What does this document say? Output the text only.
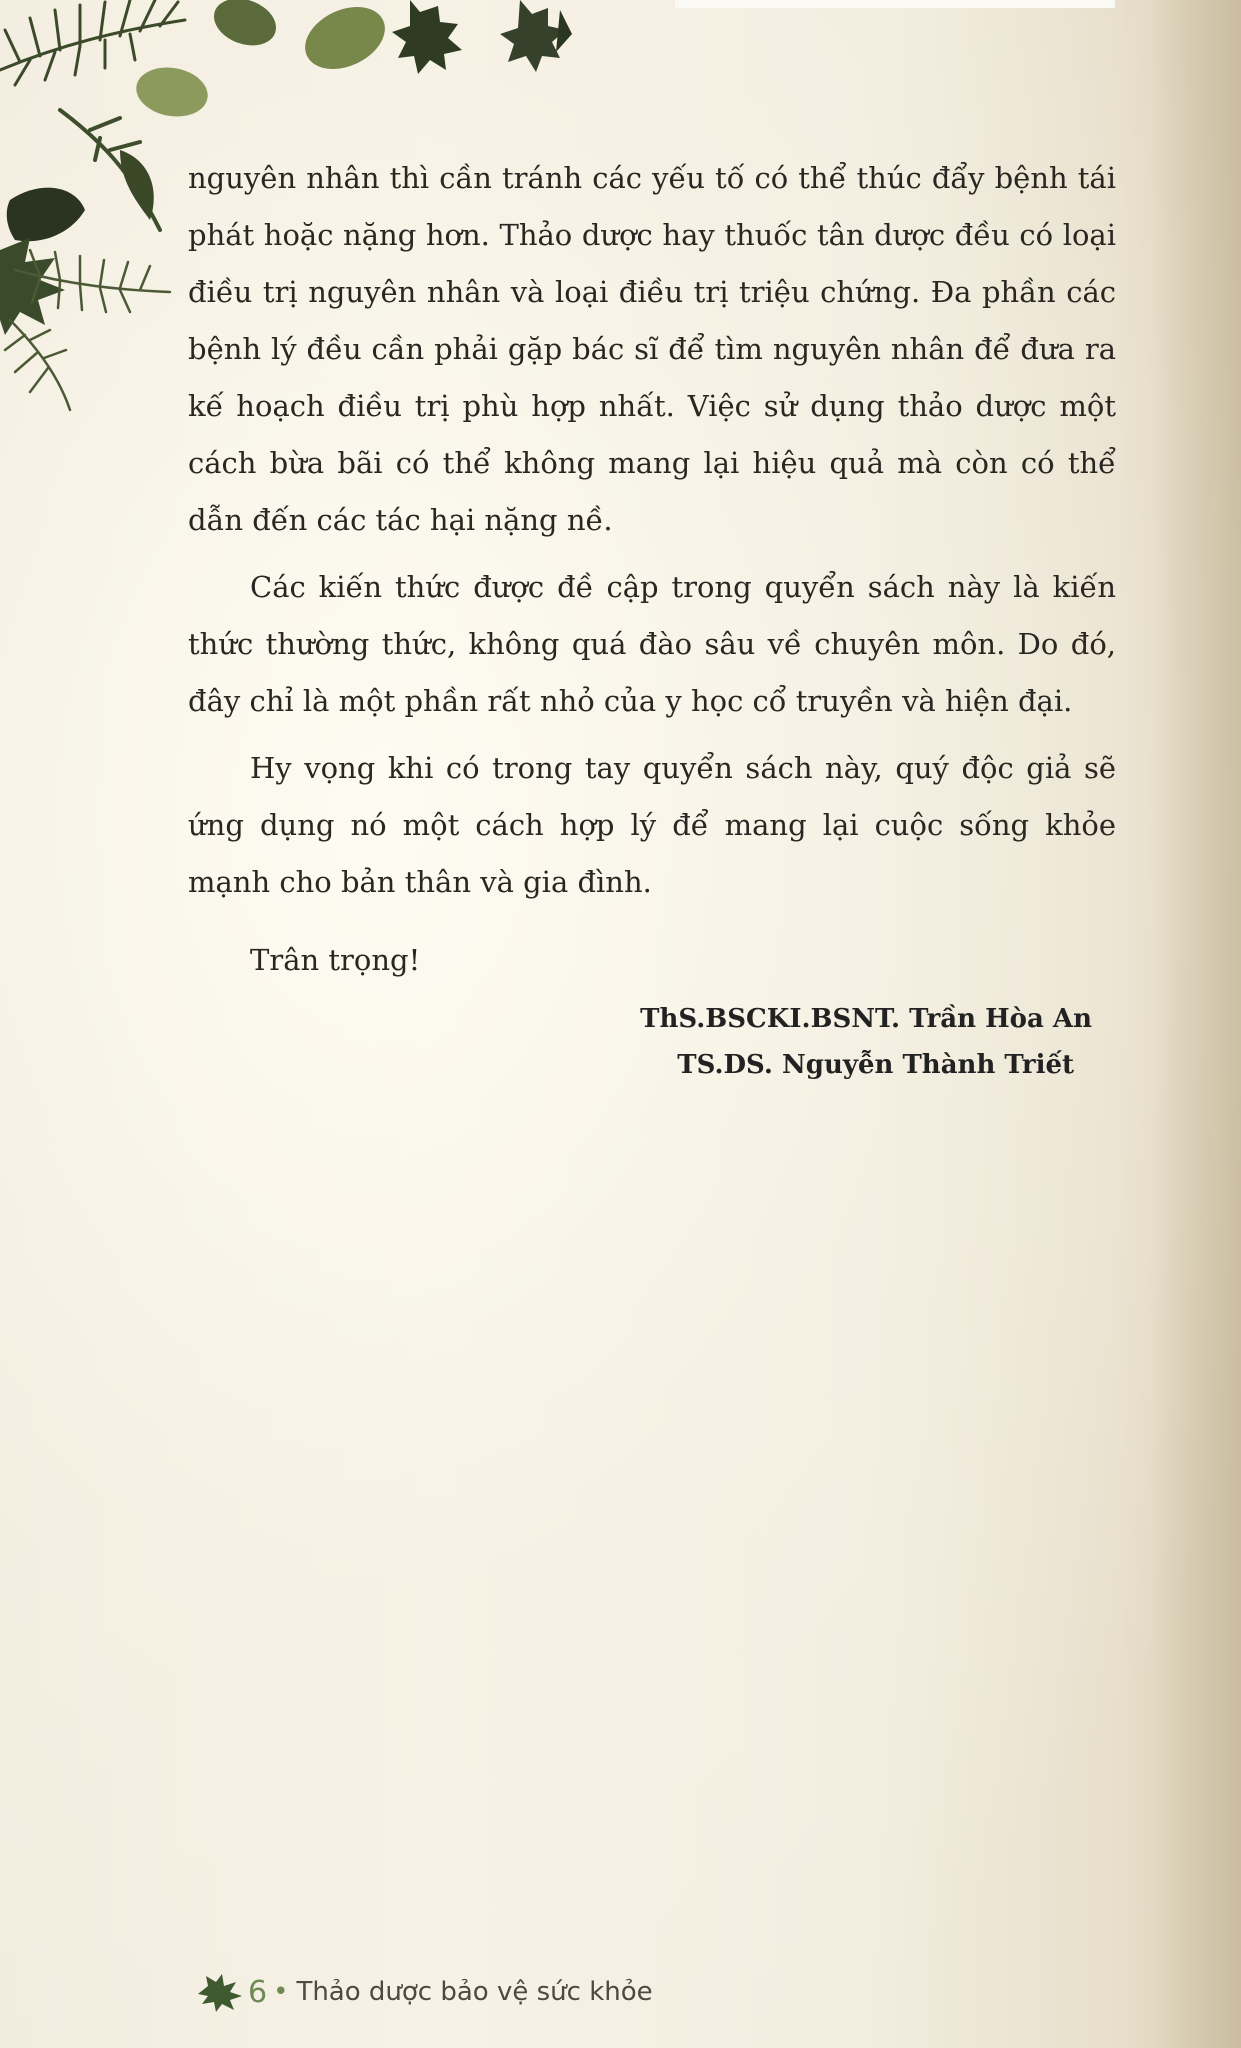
nguyên nhân thì cần tránh các yếu tố có thể thúc đẩy bệnh tái phát hoặc nặng hơn. Thảo dược hay thuốc tân dược đều có loại điều trị nguyên nhân và loại điều trị triệu chứng. Đa phần các bệnh lý đều cần phải gặp bác sĩ để tìm nguyên nhân để đưa ra kế hoạch điều trị phù hợp nhất. Việc sử dụng thảo dược một cách bừa bãi có thể không mang lại hiệu quả mà còn có thể dẫn đến các tác hại nặng nề.

Các kiến thức được đề cập trong quyển sách này là kiến thức thường thức, không quá đào sâu về chuyên môn. Do đó, đây chỉ là một phần rất nhỏ của y học cổ truyền và hiện đại.

Hy vọng khi có trong tay quyển sách này, quý độc giả sẽ ứng dụng nó một cách hợp lý để mang lại cuộc sống khỏe mạnh cho bản thân và gia đình.

Trân trọng!

ThS.BSCKI.BSNT. Trần Hòa An
TS.DS. Nguyễn Thành Triết
6 • Thảo dược bảo vệ sức khỏe
